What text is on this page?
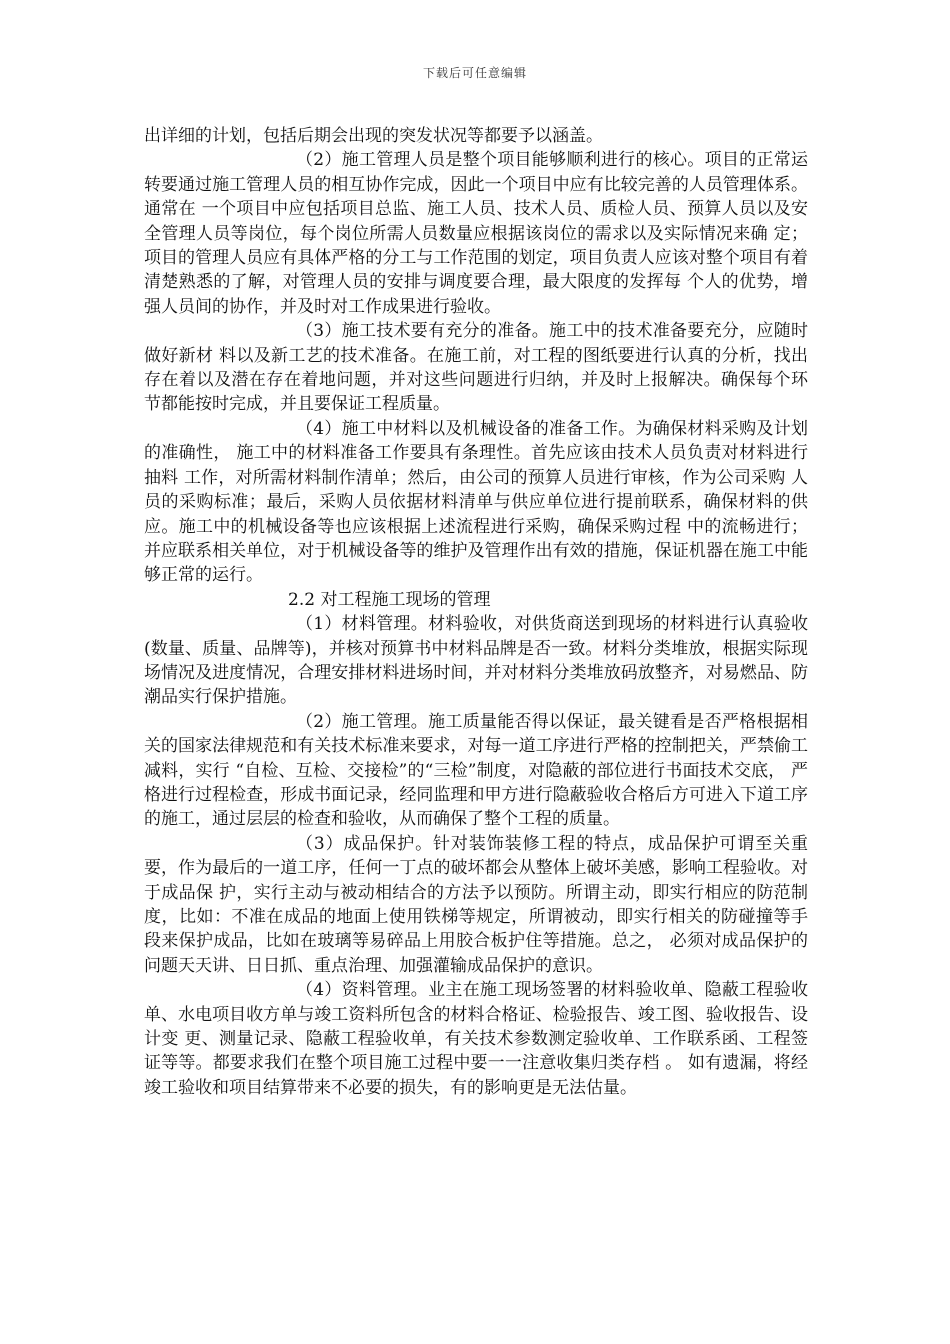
下载后可任意编辑

出详细的计划，包括后期会出现的突发状况等都要予以涵盖。

（2）施工管理人员是整个项目能够顺利进行的核心。项目的正常运转要通过施工管理人员的相互协作完成，因此一个项目中应有比较完善的人员管理体系。通常在 一个项目中应包括项目总监、施工人员、技术人员、质检人员、预算人员以及安全管理人员等岗位，每个岗位所需人员数量应根据该岗位的需求以及实际情况来确 定；项目的管理人员应有具体严格的分工与工作范围的划定，项目负责人应该对整个项目有着清楚熟悉的了解，对管理人员的安排与调度要合理，最大限度的发挥每 个人的优势，增强人员间的协作，并及时对工作成果进行验收。

（3）施工技术要有充分的准备。施工中的技术准备要充分，应随时做好新材 料以及新工艺的技术准备。在施工前，对工程的图纸要进行认真的分析，找出存在着以及潜在存在着地问题，并对这些问题进行归纳，并及时上报解决。确保每个环 节都能按时完成，并且要保证工程质量。

（4）施工中材料以及机械设备的准备工作。为确保材料采购及计划的准确性， 施工中的材料准备工作要具有条理性。首先应该由技术人员负责对材料进行抽料 工作，对所需材料制作清单；然后，由公司的预算人员进行审核，作为公司采购 人员的采购标准；最后，采购人员依据材料清单与供应单位进行提前联系，确保材料的供应。施工中的机械设备等也应该根据上述流程进行采购，确保采购过程 中的流畅进行；并应联系相关单位，对于机械设备等的维护及管理作出有效的措施，保证机器在施工中能够正常的运行。

2.2 对工程施工现场的管理

（1）材料管理。材料验收，对供货商送到现场的材料进行认真验收(数量、质量、品牌等)，并核对预算书中材料品牌是否一致。材料分类堆放，根据实际现场情况及进度情况，合理安排材料进场时间，并对材料分类堆放码放整齐，对易燃品、防潮品实行保护措施。

（2）施工管理。施工质量能否得以保证，最关键看是否严格根据相关的国家法律规范和有关技术标准来要求，对每一道工序进行严格的控制把关，严禁偷工减料，实行 “自检、互检、交接检”的“三检”制度，对隐蔽的部位进行书面技术交底， 严格进行过程检查，形成书面记录，经同监理和甲方进行隐蔽验收合格后方可进入下道工序的施工，通过层层的检查和验收，从而确保了整个工程的质量。

（3）成品保护。针对装饰装修工程的特点，成品保护可谓至关重要，作为最后的一道工序，任何一丁点的破坏都会从整体上破坏美感，影响工程验收。对于成品保 护，实行主动与被动相结合的方法予以预防。所谓主动，即实行相应的防范制度，比如：不准在成品的地面上使用铁梯等规定，所谓被动，即实行相关的防碰撞等手 段来保护成品，比如在玻璃等易碎品上用胶合板护住等措施。总之， 必须对成品保护的问题天天讲、日日抓、重点治理、加强灌输成品保护的意识。

（4）资料管理。业主在施工现场签署的材料验收单、隐蔽工程验收单、水电项目收方单与竣工资料所包含的材料合格证、检验报告、竣工图、验收报告、设计变 更、测量记录、隐蔽工程验收单，有关技术参数测定验收单、工作联系函、工程签证等等。都要求我们在整个项目施工过程中要一一注意收集归类存档 。 如有遗漏，将经竣工验收和项目结算带来不必要的损失，有的影响更是无法估量。
